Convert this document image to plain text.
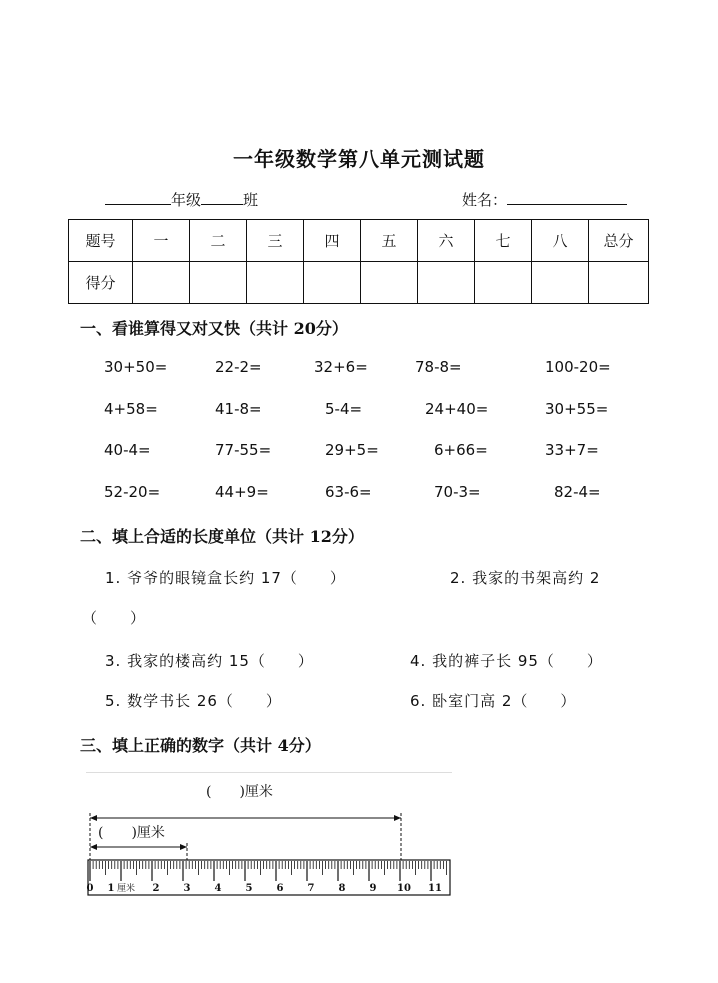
一年级数学第八单元测试题
年级	班	姓名：
题号	一	二	三	四	五	六	七	八	总分
得分									
一、看谁算得又对又快（共计 20分）
30+50=	22-2=	32+6=	78-8=	100-20=
4+58=	41-8=	5-4=	24+40=	30+55=
40-4=	77-55=	29+5=	6+66=	33+7=
52-20=	44+9=	63-6=	70-3=	82-4=
二、填上合适的长度单位（共计 12分）
1. 爷爷的眼镜盒长约 17（　　）	2. 我家的书架高约 2
（　　）
3. 我家的楼高约 15（　　）	4. 我的裤子长 95（　　）
5. 数学书长 26（　　）	6. 卧室门高 2（　　）
三、填上正确的数字（共计 4分）
(　　)厘米
(　　)厘米
0 1 厘米 2 3 4 5 6 7 8 9 10 11
